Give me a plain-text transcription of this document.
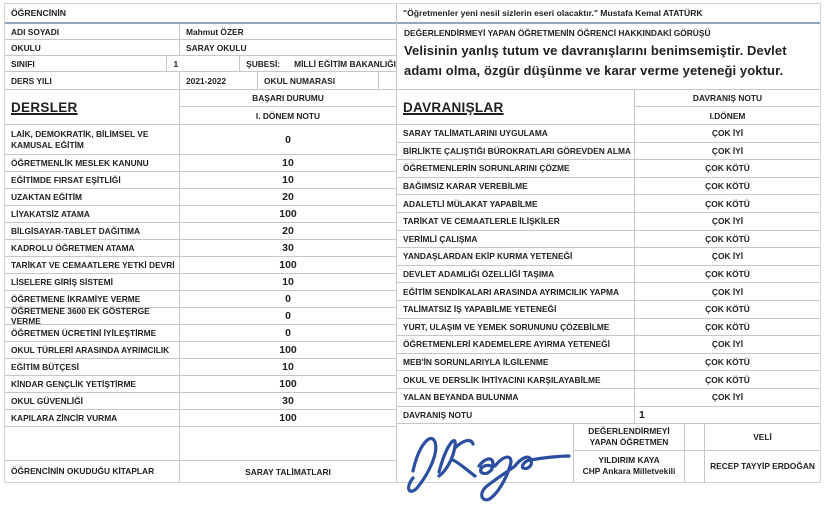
ÖĞRENCİNİN
ADI SOYADI	Mahmut ÖZER
OKULU	SARAY OKULU
SINIFI	1	ŞUBESİ: MİLLİ EĞİTİM BAKANLIĞI
DERS YILI	2021-2022	OKUL NUMARASI
"Öğretmenler yeni nesil sizlerin eseri olacaktır." Mustafa Kemal ATATÜRK
DEĞERLENDİRMEYİ YAPAN ÖĞRETMENİN ÖĞRENCİ HAKKINDAKİ GÖRÜŞÜ
Velisinin yanlış tutum ve davranışlarını benimsemiştir. Devlet adamı olma, özgür düşünme ve karar verme yeteneği yoktur.
DERSLER
BAŞARI DURUMU
I. DÖNEM NOTU
LAİK, DEMOKRATİK, BİLİMSEL VE KAMUSAL EĞİTİM	0
ÖĞRETMENLİK MESLEK KANUNU	10
EĞİTİMDE FIRSAT EŞİTLİĞİ	10
UZAKTAN EĞİTİM	20
LİYAKATSİZ ATAMA	100
BİLGİSAYAR-TABLET DAĞITIMA	20
KADROLU ÖĞRETMEN ATAMA	30
TARİKAT VE CEMAATLERE YETKİ DEVRİ	100
LİSELERE GİRİŞ SİSTEMİ	10
ÖĞRETMENE İKRAMİYE VERME	0
ÖĞRETMENE 3600 EK GÖSTERGE VERME	0
ÖĞRETMEN ÜCRETİNİ İYİLEŞTİRME	0
OKUL TÜRLERİ ARASINDA AYRIMCILIK	100
EĞİTİM BÜTÇESİ	10
KİNDAR GENÇLİK YETİŞTİRME	100
OKUL GÜVENLİĞİ	30
KAPILARA ZİNCİR VURMA	100
ÖĞRENCİNİN OKUDUĞU KİTAPLAR	SARAY TALİMATLARI
DAVRANIŞLAR
DAVRANIŞ NOTU
I.DÖNEM
SARAY TALİMATLARINI UYGULAMA	ÇOK İYİ
BİRLİKTE ÇALIŞTIĞI BÜROKRATLARI GÖREVDEN ALMA	ÇOK İYİ
ÖĞRETMENLERİN SORUNLARINI ÇÖZME	ÇOK KÖTÜ
BAĞIMSIZ KARAR VEREBİLME	ÇOK KÖTÜ
ADALETLİ MÜLAKAT YAPABİLME	ÇOK KÖTÜ
TARİKAT VE CEMAATLERLE İLİŞKİLER	ÇOK İYİ
VERİMLİ ÇALIŞMA	ÇOK KÖTÜ
YANDAŞLARDAN EKİP KURMA YETENEĞİ	ÇOK İYİ
DEVLET ADAMLIĞI ÖZELLİĞİ TAŞIMA	ÇOK KÖTÜ
EĞİTİM SENDİKALARI ARASINDA AYRIMCILIK YAPMA	ÇOK İYİ
TALİMATSIZ İŞ YAPABİLME YETENEĞİ	ÇOK KÖTÜ
YURT, ULAŞIM VE YEMEK SORUNUNU ÇÖZEBİLME	ÇOK KÖTÜ
ÖĞRETMENLERİ KADEMELERE AYIRMA YETENEĞİ	ÇOK İYİ
MEB'İN SORUNLARIYLA İLGİLENME	ÇOK KÖTÜ
OKUL VE DERSLİK İHTİYACINI KARŞILAYABİLME	ÇOK KÖTÜ
YALAN BEYANDA BULUNMA	ÇOK İYİ
DAVRANIŞ NOTU	1
DEĞERLENDİRMEYİ YAPAN ÖĞRETMEN
YILDIRIM KAYA
CHP Ankara Milletvekili
VELİ
RECEP TAYYİP ERDOĞAN
